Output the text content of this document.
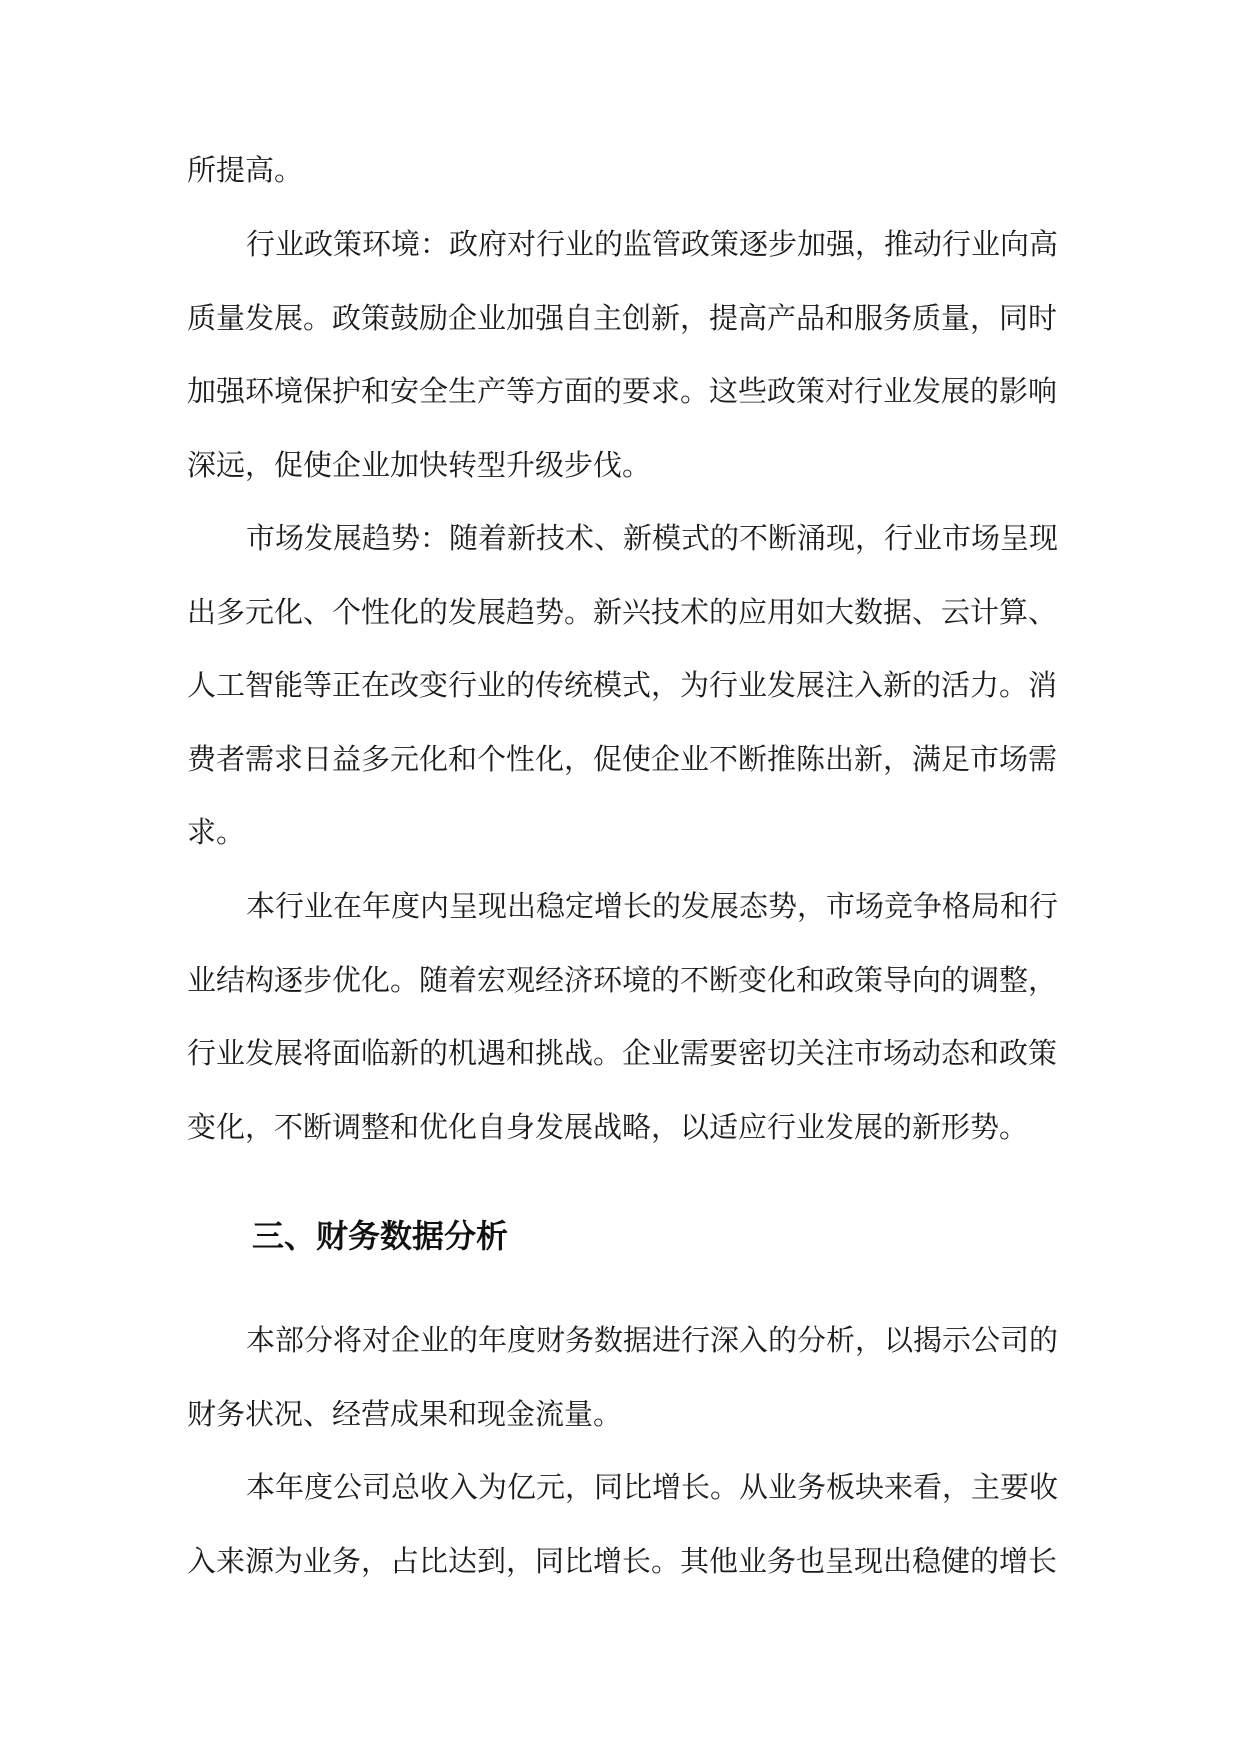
所提高。
行业政策环境：政府对行业的监管政策逐步加强，推动行业向高
质量发展。政策鼓励企业加强自主创新，提高产品和服务质量，同时
加强环境保护和安全生产等方面的要求。这些政策对行业发展的影响
深远，促使企业加快转型升级步伐。
市场发展趋势：随着新技术、新模式的不断涌现，行业市场呈现
出多元化、个性化的发展趋势。新兴技术的应用如大数据、云计算、
人工智能等正在改变行业的传统模式，为行业发展注入新的活力。消
费者需求日益多元化和个性化，促使企业不断推陈出新，满足市场需
求。
本行业在年度内呈现出稳定增长的发展态势，市场竞争格局和行
业结构逐步优化。随着宏观经济环境的不断变化和政策导向的调整，
行业发展将面临新的机遇和挑战。企业需要密切关注市场动态和政策
变化，不断调整和优化自身发展战略，以适应行业发展的新形势。
三、财务数据分析
本部分将对企业的年度财务数据进行深入的分析，以揭示公司的
财务状况、经营成果和现金流量。
本年度公司总收入为亿元，同比增长。从业务板块来看，主要收
入来源为业务，占比达到，同比增长。其他业务也呈现出稳健的增长
